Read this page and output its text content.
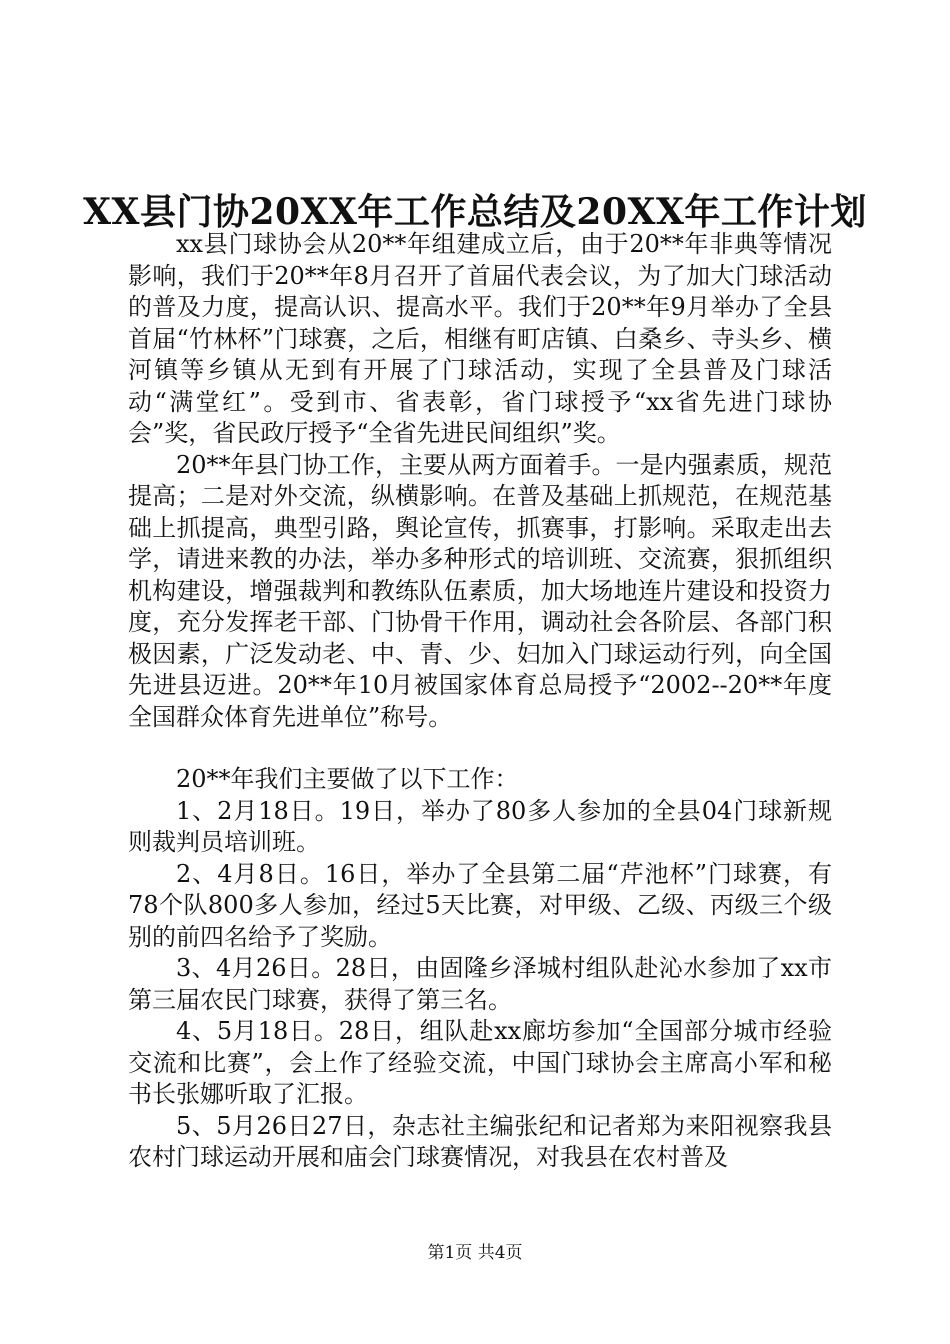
XX县门协20XX年工作总结及20XX年工作计划

xx县门球协会从20**年组建成立后，由于20**年非典等情况影响，我们于20**年8月召开了首届代表会议，为了加大门球活动的普及力度，提高认识、提高水平。我们于20**年9月举办了全县首届“竹林杯”门球赛，之后，相继有町店镇、白桑乡、寺头乡、横河镇等乡镇从无到有开展了门球活动，实现了全县普及门球活动“满堂红”。受到市、省表彰，省门球授予“xx省先进门球协会”奖，省民政厅授予“全省先进民间组织”奖。

20**年县门协工作，主要从两方面着手。一是内强素质，规范提高；二是对外交流，纵横影响。在普及基础上抓规范，在规范基础上抓提高，典型引路，舆论宣传，抓赛事，打影响。采取走出去学，请进来教的办法，举办多种形式的培训班、交流赛，狠抓组织机构建设，增强裁判和教练队伍素质，加大场地连片建设和投资力度，充分发挥老干部、门协骨干作用，调动社会各阶层、各部门积极因素，广泛发动老、中、青、少、妇加入门球运动行列，向全国先进县迈进。20**年10月被国家体育总局授予“2002--20**年度全国群众体育先进单位”称号。

20**年我们主要做了以下工作：

1、2月18日。19日，举办了80多人参加的全县04门球新规则裁判员培训班。

2、4月8日。16日，举办了全县第二届“芹池杯”门球赛，有78个队800多人参加，经过5天比赛，对甲级、乙级、丙级三个级别的前四名给予了奖励。

3、4月26日。28日，由固隆乡泽城村组队赴沁水参加了xx市第三届农民门球赛，获得了第三名。

4、5月18日。28日，组队赴xx廊坊参加“全国部分城市经验交流和比赛”，会上作了经验交流，中国门球协会主席高小军和秘书长张娜听取了汇报。

5、5月26日27日，杂志社主编张纪和记者郑为来阳视察我县农村门球运动开展和庙会门球赛情况，对我县在农村普及

第1页 共4页
